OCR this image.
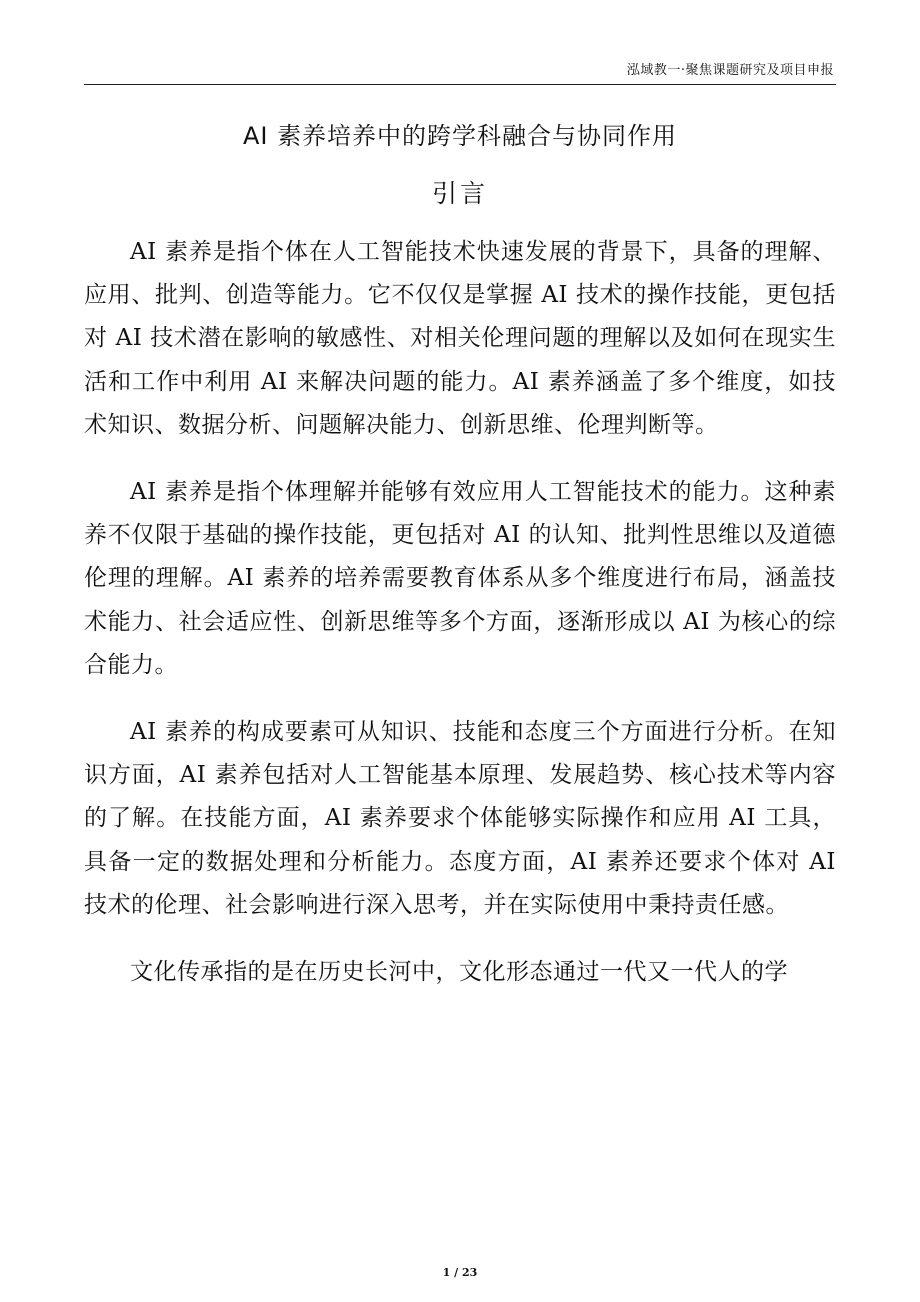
泓域教一·聚焦课题研究及项目申报
AI 素养培养中的跨学科融合与协同作用
引言

AI 素养是指个体在人工智能技术快速发展的背景下，具备的理解、应用、批判、创造等能力。它不仅仅是掌握 AI 技术的操作技能，更包括对 AI 技术潜在影响的敏感性、对相关伦理问题的理解以及如何在现实生活和工作中利用 AI 来解决问题的能力。AI 素养涵盖了多个维度，如技术知识、数据分析、问题解决能力、创新思维、伦理判断等。

AI 素养是指个体理解并能够有效应用人工智能技术的能力。这种素养不仅限于基础的操作技能，更包括对 AI 的认知、批判性思维以及道德伦理的理解。AI 素养的培养需要教育体系从多个维度进行布局，涵盖技术能力、社会适应性、创新思维等多个方面，逐渐形成以 AI 为核心的综合能力。

AI 素养的构成要素可从知识、技能和态度三个方面进行分析。在知识方面，AI 素养包括对人工智能基本原理、发展趋势、核心技术等内容的了解。在技能方面，AI 素养要求个体能够实际操作和应用 AI 工具，具备一定的数据处理和分析能力。态度方面，AI 素养还要求个体对 AI 技术的伦理、社会影响进行深入思考，并在实际使用中秉持责任感。

文化传承指的是在历史长河中，文化形态通过一代又一代人的学

1 / 23
